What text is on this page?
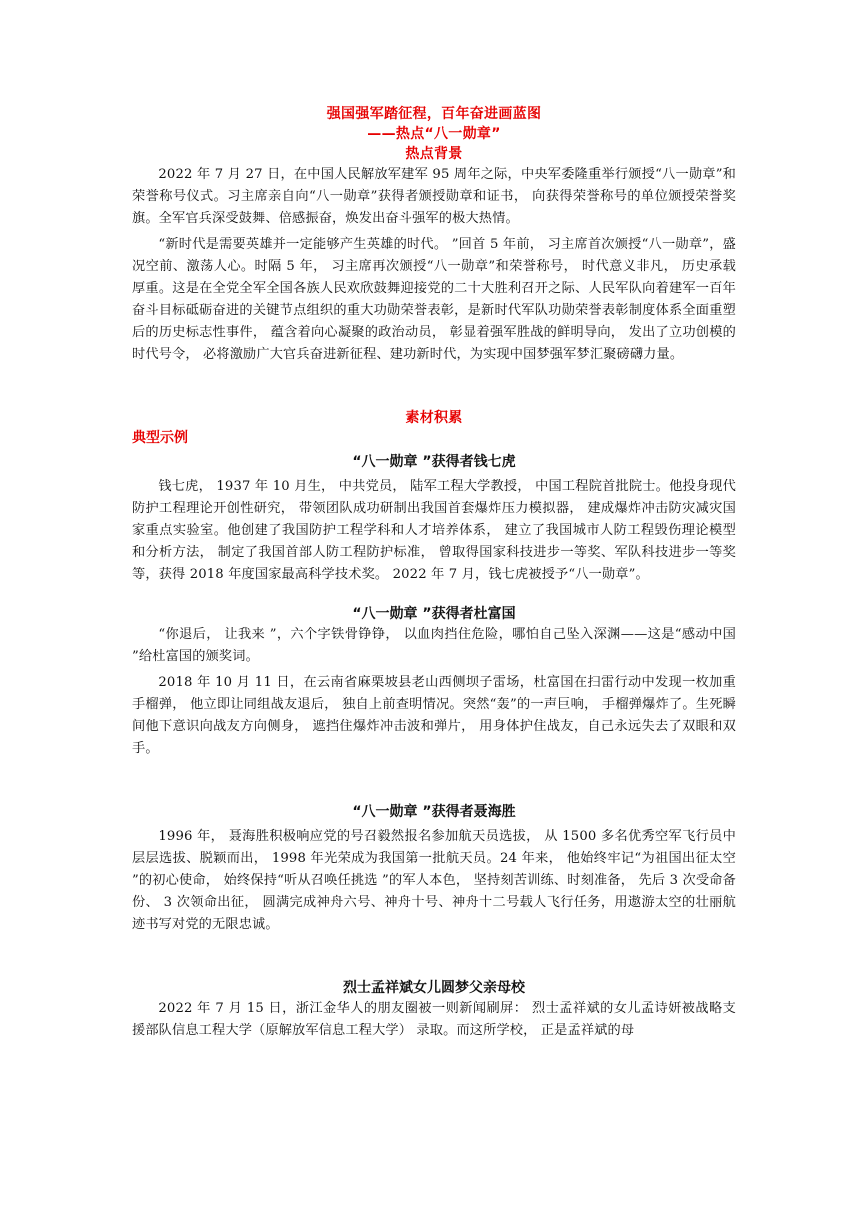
强国强军踏征程，百年奋进画蓝图
——热点“八一勋章”
热点背景

2022 年 7 月 27 日，在中国人民解放军建军 95 周年之际，中央军委隆重举行颁授“八一勋章”和荣誉称号仪式。习主席亲自向“八一勋章”获得者颁授勋章和证书， 向获得荣誉称号的单位颁授荣誉奖旗。全军官兵深受鼓舞、倍感振奋，焕发出奋斗强军的极大热情。

“新时代是需要英雄并一定能够产生英雄的时代。 ”回首 5 年前， 习主席首次颁授“八一勋章”，盛况空前、激荡人心。时隔 5 年， 习主席再次颁授“八一勋章”和荣誉称号， 时代意义非凡， 历史承载厚重。这是在全党全军全国各族人民欢欣鼓舞迎接党的二十大胜利召开之际、人民军队向着建军一百年奋斗目标砥砺奋进的关键节点组织的重大功勋荣誉表彰，是新时代军队功勋荣誉表彰制度体系全面重塑后的历史标志性事件， 蕴含着向心凝聚的政治动员， 彰显着强军胜战的鲜明导向， 发出了立功创模的时代号令， 必将激励广大官兵奋进新征程、建功新时代，为实现中国梦强军梦汇聚磅礴力量。

素材积累
典型示例
“八一勋章 ”获得者钱七虎

钱七虎， 1937 年 10 月生， 中共党员， 陆军工程大学教授， 中国工程院首批院士。他投身现代防护工程理论开创性研究， 带领团队成功研制出我国首套爆炸压力模拟器， 建成爆炸冲击防灾减灾国家重点实验室。他创建了我国防护工程学科和人才培养体系， 建立了我国城市人防工程毁伤理论模型和分析方法， 制定了我国首部人防工程防护标准， 曾取得国家科技进步一等奖、军队科技进步一等奖等，获得 2018 年度国家最高科学技术奖。 2022 年 7 月，钱七虎被授予“八一勋章”。

“八一勋章 ”获得者杜富国

“你退后， 让我来 ”，六个字铁骨铮铮， 以血肉挡住危险，哪怕自己坠入深渊——这是“感动中国 ”给杜富国的颁奖词。

2018 年 10 月 11 日，在云南省麻栗坡县老山西侧坝子雷场，杜富国在扫雷行动中发现一枚加重手榴弹， 他立即让同组战友退后， 独自上前查明情况。突然“轰”的一声巨响， 手榴弹爆炸了。生死瞬间他下意识向战友方向侧身， 遮挡住爆炸冲击波和弹片， 用身体护住战友，自己永远失去了双眼和双手。

“八一勋章 ”获得者聂海胜

1996 年， 聂海胜积极响应党的号召毅然报名参加航天员选拔， 从 1500 多名优秀空军飞行员中层层选拔、脱颖而出， 1998 年光荣成为我国第一批航天员。24 年来， 他始终牢记“为祖国出征太空 ”的初心使命， 始终保持“听从召唤任挑选 ”的军人本色， 坚持刻苦训练、时刻准备， 先后 3 次受命备份、 3 次领命出征， 圆满完成神舟六号、神舟十号、神舟十二号载人飞行任务，用遨游太空的壮丽航迹书写对党的无限忠诚。

烈士孟祥斌女儿圆梦父亲母校

2022 年 7 月 15 日，浙江金华人的朋友圈被一则新闻刷屏： 烈士孟祥斌的女儿孟诗妍被战略支援部队信息工程大学（原解放军信息工程大学） 录取。而这所学校， 正是孟祥斌的母
